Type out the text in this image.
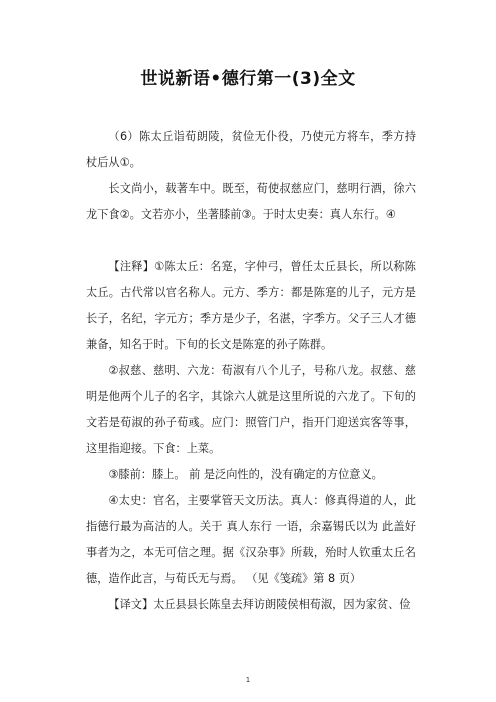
世说新语•德行第一(3)全文

（6）陈太丘诣荀朗陵，贫俭无仆役，乃使元方将车，季方持杖后从①。

长文尚小，载著车中。既至，荀使叔慈应门，慈明行酒，徐六龙下食②。文若亦小，坐著膝前③。于时太史奏：真人东行。④

【注释】①陈太丘：名寔，字仲弓，曾任太丘县长，所以称陈太丘。古代常以官名称人。元方、季方：都是陈寔的儿子，元方是长子，名纪，字元方；季方是少子，名湛，字季方。父子三人才德兼备，知名于时。下旬的长文是陈寔的孙子陈群。

②叔慈、慈明、六龙：荀淑有八个儿子，号称八龙。叔慈、慈明是他两个儿子的名字，其馀六人就是这里所说的六龙了。下旬的文若是荀淑的孙子荀彧。应门：照管门户，指开门迎送宾客等事，这里指迎接。下食：上菜。

③膝前：膝上。 前 是泛向性的，没有确定的方位意义。

④太史：官名，主要掌管天文历法。真人：修真得道的人，此指德行最为高洁的人。关于 真人东行 一语，余嘉锡氏以为 此盖好事者为之，本无可信之理。据《汉杂事》所载，殆时人钦重太丘名德，造作此言，与荀氏无与焉。 （见《笺疏》第 8 页）

【译文】太丘县县长陈皇去拜访朗陵侯相荀淑，因为家贫、俭

1
